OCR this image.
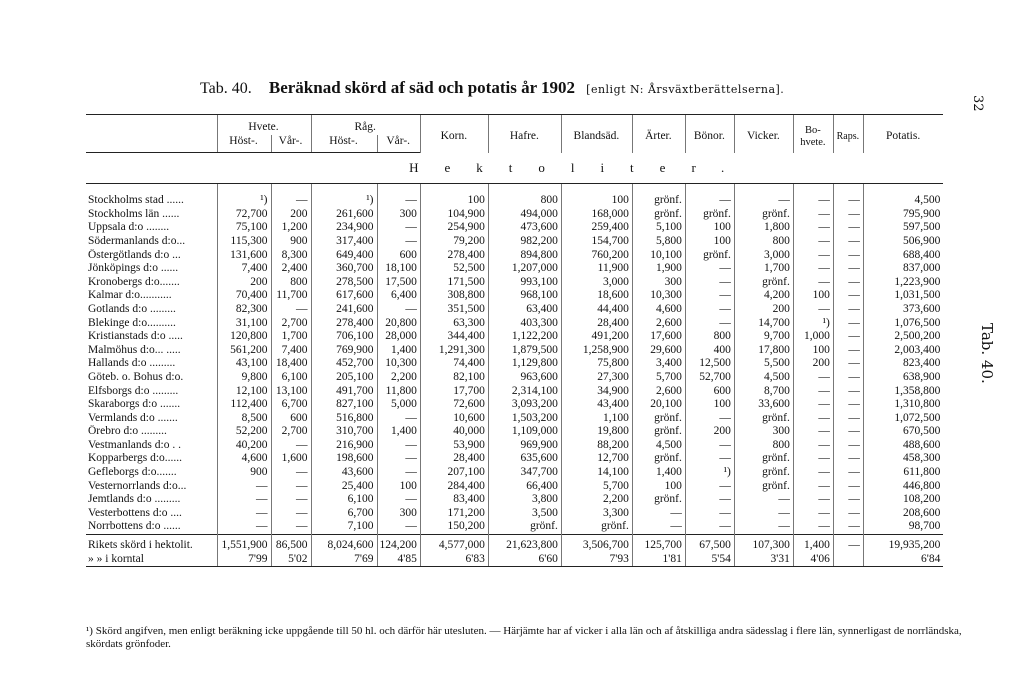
Tab. 40. Beräknad skörd af säd och potatis år 1902 [enligt N: Årsväxtberättelserna].
32
Tab. 40.
	Hvete.		Råg.		Korn.	Hafre.	Blandsäd.	Ärter.	Bönor.	Vicker.	Bo-hvete.	Raps.	Potatis.
	Höst-.	Vår-.	Höst-.	Vår-.									
	Hektoliter.												
Stockholms stad ......	¹)	—	¹)	—	100	800	100	grönf.	—	—	—	—	4,500
Stockholms län ......	72,700	200	261,600	300	104,900	494,000	168,000	grönf.	grönf.	grönf.	—	—	795,900
Uppsala d:o ........	75,100	1,200	234,900	—	254,900	473,600	259,400	5,100	100	1,800	—	—	597,500
Södermanlands d:o...	115,300	900	317,400	—	79,200	982,200	154,700	5,800	100	800	—	—	506,900
Östergötlands d:o ...	131,600	8,300	649,400	600	278,400	894,800	760,200	10,100	grönf.	3,000	—	—	688,400
Jönköpings d:o ......	7,400	2,400	360,700	18,100	52,500	1,207,000	11,900	1,900	—	1,700	—	—	837,000
Kronobergs d:o.......	200	800	278,500	17,500	171,500	993,100	3,000	300	—	grönf.	—	—	1,223,900
Kalmar d:o...........	70,400	11,700	617,600	6,400	308,800	968,100	18,600	10,300	—	4,200	100	—	1,031,500
Gotlands d:o .........	82,300	—	241,600	—	351,500	63,400	44,400	4,600	—	200	—	—	373,600
Blekinge d:o..........	31,100	2,700	278,400	20,800	63,300	403,300	28,400	2,600	—	14,700	¹)	—	1,076,500
Kristianstads d:o .....	120,800	1,700	706,100	28,000	344,400	1,122,200	491,200	17,600	800	9,700	1,000	—	2,500,200
Malmöhus d:o... .....	561,200	7,400	769,900	1,400	1,291,300	1,879,500	1,258,900	29,600	400	17,800	100	—	2,003,400
Hallands d:o .........	43,100	18,400	452,700	10,300	74,400	1,129,800	75,800	3,400	12,500	5,500	200	—	823,400
Göteb. o. Bohus d:o.	9,800	6,100	205,100	2,200	82,100	963,600	27,300	5,700	52,700	4,500	—	—	638,900
Elfsborgs d:o .........	12,100	13,100	491,700	11,800	17,700	2,314,100	34,900	2,600	600	8,700	—	—	1,358,800
Skaraborgs d:o .......	112,400	6,700	827,100	5,000	72,600	3,093,200	43,400	20,100	100	33,600	—	—	1,310,800
Vermlands d:o .......	8,500	600	516,800	—	10,600	1,503,200	1,100	grönf.	—	grönf.	—	—	1,072,500
Örebro d:o .........	52,200	2,700	310,700	1,400	40,000	1,109,000	19,800	grönf.	200	300	—	—	670,500
Vestmanlands d:o . .	40,200	—	216,900	—	53,900	969,900	88,200	4,500	—	800	—	—	488,600
Kopparbergs d:o......	4,600	1,600	198,600	—	28,400	635,600	12,700	grönf.	—	grönf.	—	—	458,300
Gefleborgs d:o.......	900	—	43,600	—	207,100	347,700	14,100	1,400	¹)	grönf.	—	—	611,800
Vesternorrlands d:o...	—	—	25,400	100	284,400	66,400	5,700	100	—	grönf.	—	—	446,800
Jemtlands d:o .........	—	—	6,100	—	83,400	3,800	2,200	grönf.	—	—	—	—	108,200
Vesterbottens d:o ....	—	—	6,700	300	171,200	3,500	3,300	—	—	—	—	—	208,600
Norrbottens d:o ......	—	—	7,100	—	150,200	grönf.	grönf.	—	—	—	—	—	98,700
Rikets skörd i hektolit.	1,551,900	86,500	8,024,600	124,200	4,577,000	21,623,800	3,506,700	125,700	67,500	107,300	1,400	—	19,935,200
» » i korntal	7'99	5'02	7'69	4'85	6'83	6'60	7'93	1'81	5'54	3'31	4'06		6'84
¹) Skörd angifven, men enligt beräkning icke uppgående till 50 hl. och därför här utesluten. — Härjämte har af vicker i alla län och af åtskilliga andra sädesslag i flere län, synnerligast de norrländska, skördats grönfoder.
